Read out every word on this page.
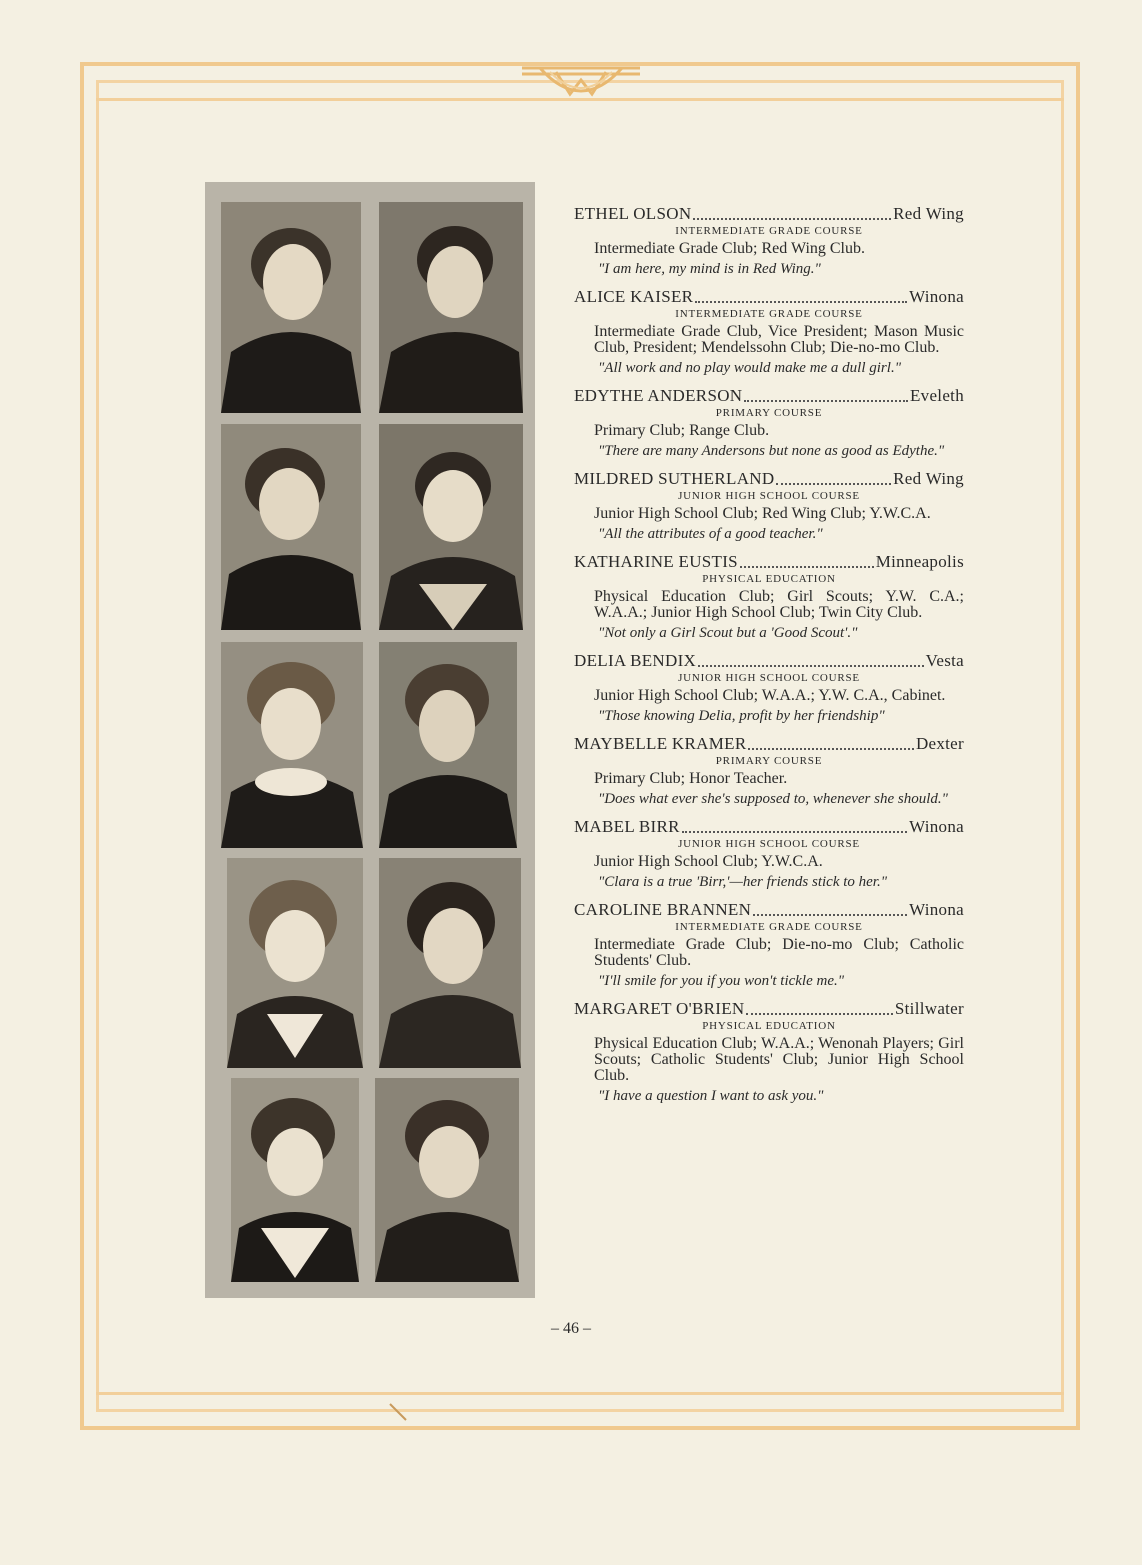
ETHEL OLSON	Red Wing
INTERMEDIATE GRADE COURSE
Intermediate Grade Club; Red Wing Club.
"I am here, my mind is in Red Wing."
ALICE KAISER	Winona
INTERMEDIATE GRADE COURSE
Intermediate Grade Club, Vice President; Mason Music Club, President; Mendelssohn Club; Die-no-mo Club.
"All work and no play would make me a dull girl."
EDYTHE ANDERSON	Eveleth
PRIMARY COURSE
Primary Club; Range Club.
"There are many Andersons but none as good as Edythe."
MILDRED SUTHERLAND	Red Wing
JUNIOR HIGH SCHOOL COURSE
Junior High School Club; Red Wing Club; Y.W.C.A.
"All the attributes of a good teacher."
KATHARINE EUSTIS	Minneapolis
PHYSICAL EDUCATION
Physical Education Club; Girl Scouts; Y.W. C.A.; W.A.A.; Junior High School Club; Twin City Club.
"Not only a Girl Scout but a 'Good Scout'."
DELIA BENDIX	Vesta
JUNIOR HIGH SCHOOL COURSE
Junior High School Club; W.A.A.; Y.W. C.A., Cabinet.
"Those knowing Delia, profit by her friendship"
MAYBELLE KRAMER	Dexter
PRIMARY COURSE
Primary Club; Honor Teacher.
"Does what ever she's supposed to, whenever she should."
MABEL BIRR	Winona
JUNIOR HIGH SCHOOL COURSE
Junior High School Club; Y.W.C.A.
"Clara is a true 'Birr,'—her friends stick to her."
CAROLINE BRANNEN	Winona
INTERMEDIATE GRADE COURSE
Intermediate Grade Club; Die-no-mo Club; Catholic Students' Club.
"I'll smile for you if you won't tickle me."
MARGARET O'BRIEN	Stillwater
PHYSICAL EDUCATION
Physical Education Club; W.A.A.; Wenonah Players; Girl Scouts; Catholic Students' Club; Junior High School Club.
"I have a question I want to ask you."
– 46 –
